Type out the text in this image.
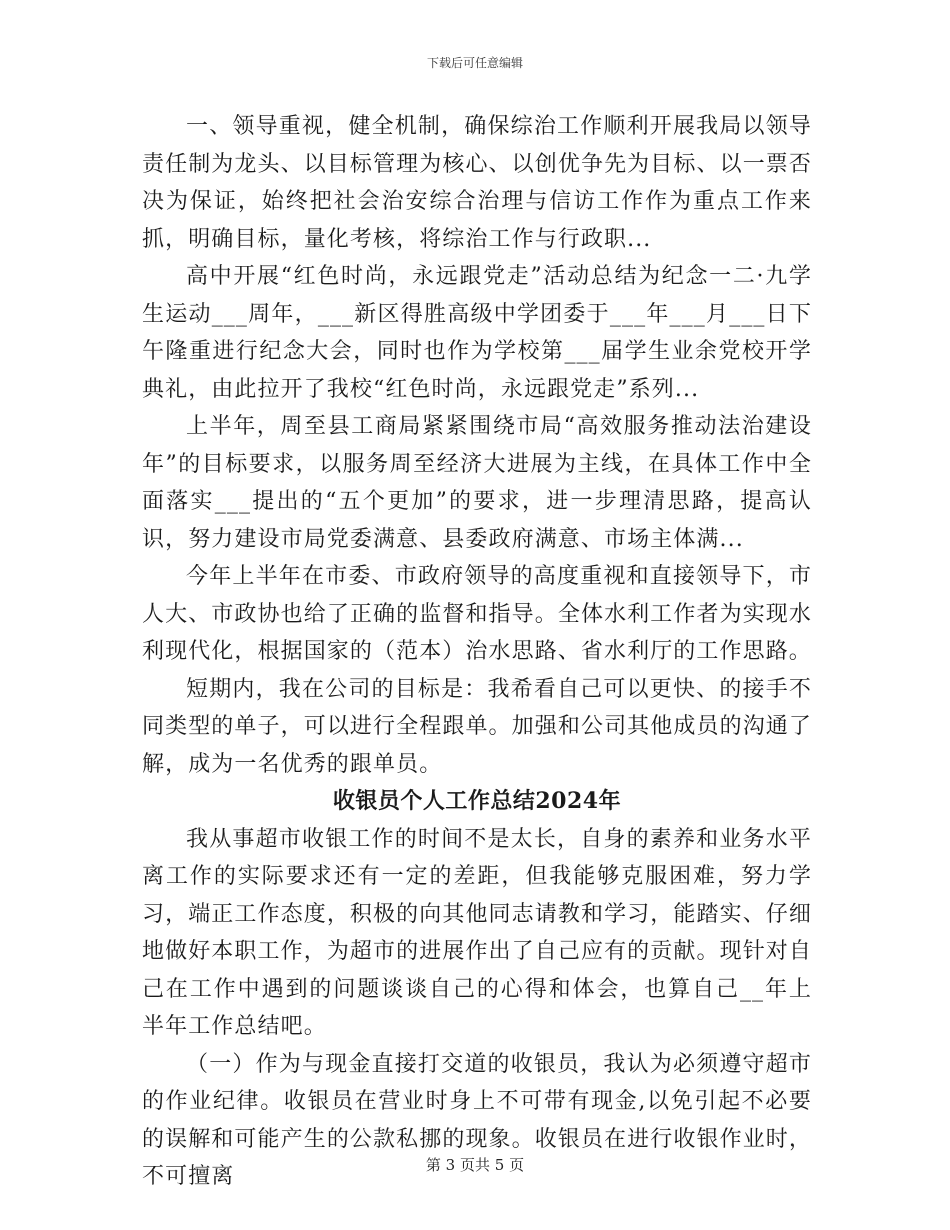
下载后可任意编辑

一、领导重视，健全机制，确保综治工作顺利开展我局以领导责任制为龙头、以目标管理为核心、以创优争先为目标、以一票否决为保证，始终把社会治安综合治理与信访工作作为重点工作来抓，明确目标，量化考核，将综治工作与行政职...

高中开展“红色时尚，永远跟党走”活动总结为纪念一二·九学生运动___周年，___新区得胜高级中学团委于___年___月___日下午隆重进行纪念大会，同时也作为学校第___届学生业余党校开学典礼，由此拉开了我校“红色时尚，永远跟党走”系列...

上半年，周至县工商局紧紧围绕市局“高效服务推动法治建设年”的目标要求，以服务周至经济大进展为主线，在具体工作中全面落实___提出的“五个更加”的要求，进一步理清思路，提高认识，努力建设市局党委满意、县委政府满意、市场主体满...

今年上半年在市委、市政府领导的高度重视和直接领导下，市人大、市政协也给了正确的监督和指导。全体水利工作者为实现水利现代化，根据国家的（范本）治水思路、省水利厅的工作思路。

短期内，我在公司的目标是：我希看自己可以更快、的接手不同类型的单子，可以进行全程跟单。加强和公司其他成员的沟通了解，成为一名优秀的跟单员。

收银员个人工作总结2024年

我从事超市收银工作的时间不是太长，自身的素养和业务水平离工作的实际要求还有一定的差距，但我能够克服困难，努力学习，端正工作态度，积极的向其他同志请教和学习，能踏实、仔细地做好本职工作，为超市的进展作出了自己应有的贡献。现针对自己在工作中遇到的问题谈谈自己的心得和体会，也算自己__年上半年工作总结吧。

（一）作为与现金直接打交道的收银员，我认为必须遵守超市的作业纪律。收银员在营业时身上不可带有现金,以免引起不必要的误解和可能产生的公款私挪的现象。收银员在进行收银作业时，不可擅离	第 3 页共 5 页
